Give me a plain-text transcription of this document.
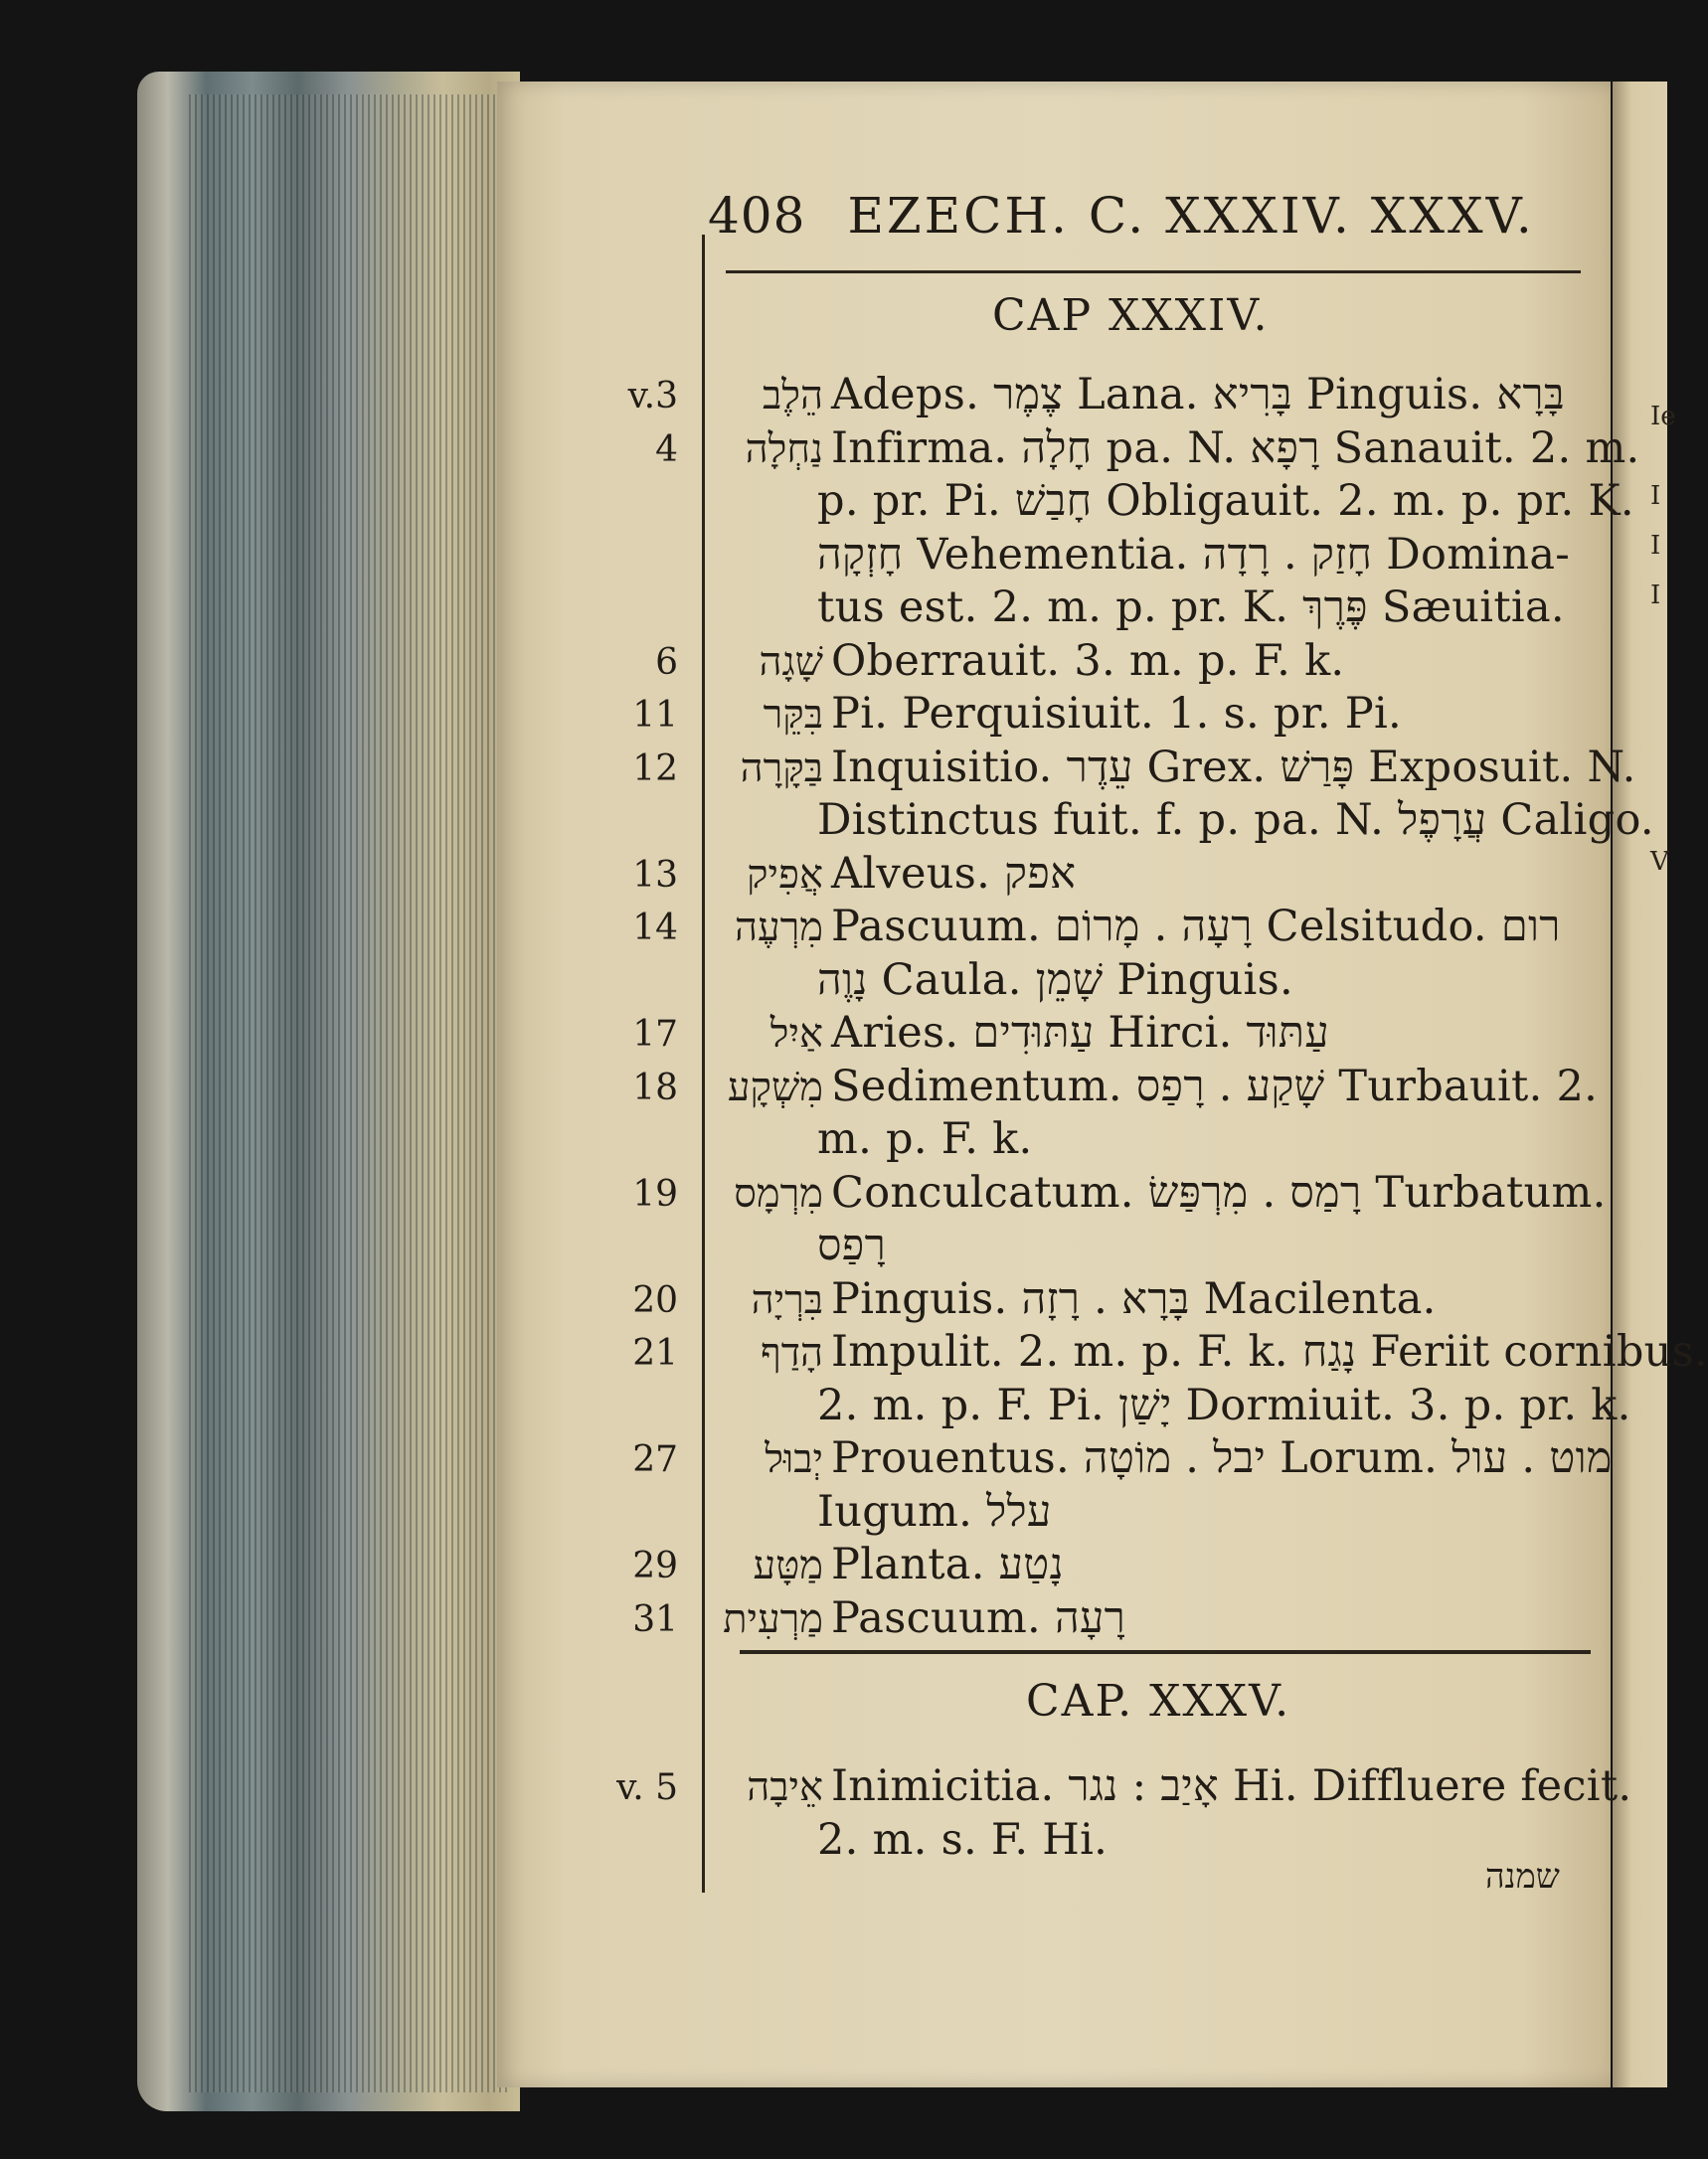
Ie
I
I
I
V
408 EZECH. C. XXXIV. XXXV.
CAP XXXIV.
v.3	הֵלֶב Adeps. צֶמֶר Lana. בָּרִיא Pinguis. בָּרָא
4	נַחְלָה Infirma. חָלָה pa. N. רָפָא Sanauit. 2. m.
p. pr. Pi. חָבַשׁ Obligauit. 2. m. p. pr. K.
חָזְקָה Vehementia. חָזַק . רָדָה Domina-
tus est. 2. m. p. pr. K. פֶּרֶךְ Sæuitia.
6	שָׁגָה Oberrauit. 3. m. p. F. k.
11	בִּקֵּר Pi. Perquisiuit. 1. s. pr. Pi.
12	בַּקָּרָה Inquisitio. עֵדֶר Grex. פָּרַשׁ Exposuit. N.
Distinctus fuit. f. p. pa. N. עֲרָפֶל Caligo.
13	אֲפִיק Alveus. אפק
14	מִרְעֶה Pascuum. רָעָה . מָרוֹם Celsitudo. רום
נָוֶה Caula. שָׁמֵן Pinguis.
17	אַיִל Aries. עַתּוּדִים Hirci. עַתּוּד
18	מִשְׁקָע Sedimentum. שָׁקַע . רָפַס Turbauit. 2.
m. p. F. k.
19	מִרְמָס Conculcatum. רָמַס . מִרְפַּשׂ Turbatum.
רָפַס
20	בִּרְיָה Pinguis. בָּרָא . רָזָה Macilenta.
21	הָדַף Impulit. 2. m. p. F. k. נָגַח Feriit cornibus.
2. m. p. F. Pi. יָשַׁן Dormiuit. 3. p. pr. k.
27	יְבוּל Prouentus. יבל . מוֹטָה Lorum. מוט . עול
Iugum. עלל
29	מַטָּע Planta. נָטַע
31	מַרְעִית Pascuum. רָעָה
CAP. XXXV.
v. 5	אֵיבָה Inimicitia. אָיַב : נגר Hi. Diffluere fecit.
2. m. s. F. Hi.
שמנה
